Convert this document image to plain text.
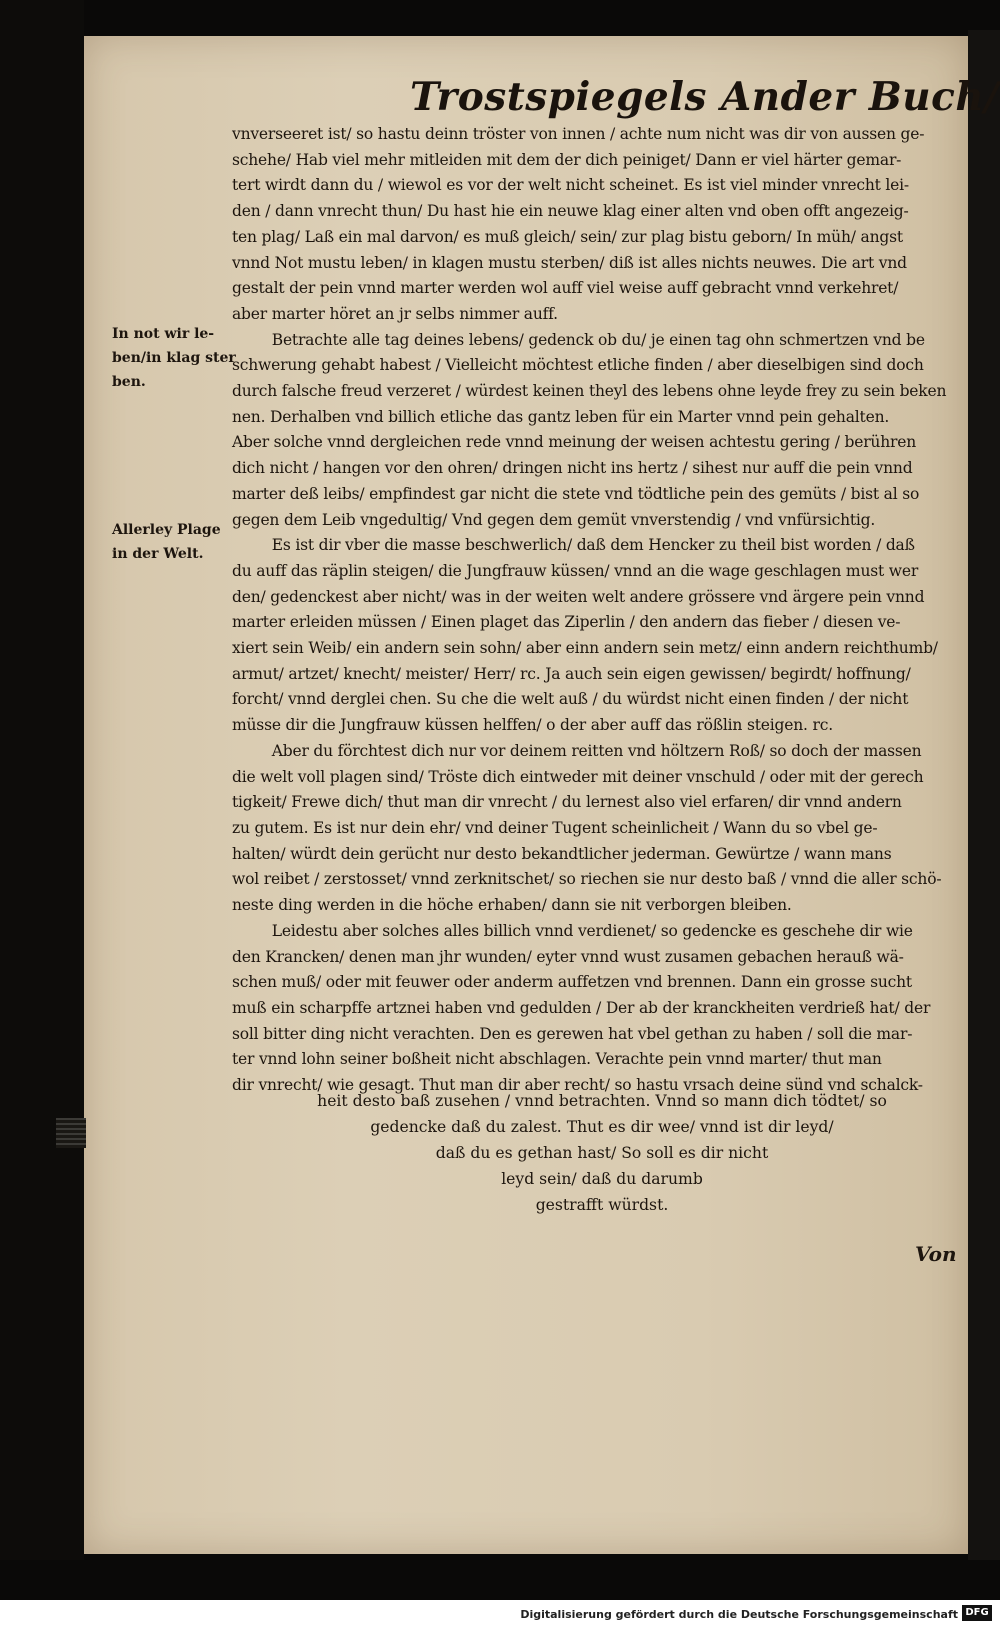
Trostspiegels Ander Buch/
In not wir le-
ben/in klag ster
ben.
Allerley Plage
in der Welt.
vnverseeret ist/ so hastu deinn tröster von innen / achte num nicht was dir von aussen ge-
schehe/ Hab viel mehr mitleiden mit dem der dich peiniget/ Dann er viel härter gemar-
tert wirdt dann du / wiewol es vor der welt nicht scheinet. Es ist viel minder vnrecht lei-
den / dann vnrecht thun/ Du hast hie ein neuwe klag einer alten vnd oben offt angezeig-
ten plag/ Laß ein mal darvon/ es muß gleich/ sein/ zur plag bistu geborn/ In müh/ angst
vnnd Not mustu leben/ in klagen mustu sterben/ diß ist alles nichts neuwes. Die art vnd
gestalt der pein vnnd marter werden wol auff viel weise auff gebracht vnnd verkehret/
aber marter höret an jr selbs nimmer auff.
Betrachte alle tag deines lebens/ gedenck ob du/ je einen tag ohn schmertzen vnd be
schwerung gehabt habest / Vielleicht möchtest etliche finden / aber dieselbigen sind doch
durch falsche freud verzeret / würdest keinen theyl des lebens ohne leyde frey zu sein beken
nen. Derhalben vnd billich etliche das gantz leben für ein Marter vnnd pein gehalten.
Aber solche vnnd dergleichen rede vnnd meinung der weisen achtestu gering / berühren
dich nicht / hangen vor den ohren/ dringen nicht ins hertz / sihest nur auff die pein vnnd
marter deß leibs/ empfindest gar nicht die stete vnd tödtliche pein des gemüts / bist al so
gegen dem Leib vngedultig/ Vnd gegen dem gemüt vnverstendig / vnd vnfürsichtig.
Es ist dir vber die masse beschwerlich/ daß dem Hencker zu theil bist worden / daß
du auff das räplin steigen/ die Jungfrauw küssen/ vnnd an die wage geschlagen must wer
den/ gedenckest aber nicht/ was in der weiten welt andere grössere vnd ärgere pein vnnd
marter erleiden müssen / Einen plaget das Ziperlin / den andern das fieber / diesen ve-
xiert sein Weib/ ein andern sein sohn/ aber einn andern sein metz/ einn andern reichthumb/
armut/ artzet/ knecht/ meister/ Herr/ rc. Ja auch sein eigen gewissen/ begirdt/ hoffnung/
forcht/ vnnd derglei chen. Su che die welt auß / du würdst nicht einen finden / der nicht
müsse dir die Jungfrauw küssen helffen/ o der aber auff das rößlin steigen. rc.
Aber du förchtest dich nur vor deinem reitten vnd höltzern Roß/ so doch der massen
die welt voll plagen sind/ Tröste dich eintweder mit deiner vnschuld / oder mit der gerech
tigkeit/ Frewe dich/ thut man dir vnrecht / du lernest also viel erfaren/ dir vnnd andern
zu gutem. Es ist nur dein ehr/ vnd deiner Tugent scheinlicheit / Wann du so vbel ge-
halten/ würdt dein gerücht nur desto bekandtlicher jederman. Gewürtze / wann mans
wol reibet / zerstosset/ vnnd zerknitschet/ so riechen sie nur desto baß / vnnd die aller schö-
neste ding werden in die höche erhaben/ dann sie nit verborgen bleiben.
Leidestu aber solches alles billich vnnd verdienet/ so gedencke es geschehe dir wie
den Krancken/ denen man jhr wunden/ eyter vnnd wust zusamen gebachen herauß wä-
schen muß/ oder mit feuwer oder anderm auffetzen vnd brennen. Dann ein grosse sucht
muß ein scharpffe artznei haben vnd gedulden / Der ab der kranckheiten verdrieß hat/ der
soll bitter ding nicht verachten. Den es gerewen hat vbel gethan zu haben / soll die mar-
ter vnnd lohn seiner boßheit nicht abschlagen. Verachte pein vnnd marter/ thut man
dir vnrecht/ wie gesagt. Thut man dir aber recht/ so hastu vrsach deine sünd vnd schalck-
heit desto baß zusehen / vnnd betrachten. Vnnd so mann dich tödtet/ so
gedencke daß du zalest. Thut es dir wee/ vnnd ist dir leyd/
daß du es gethan hast/ So soll es dir nicht
leyd sein/ daß du darumb
gestrafft würdst.
Von
Digitalisierung gefördert durch die Deutsche Forschungsgemeinschaft DFG
